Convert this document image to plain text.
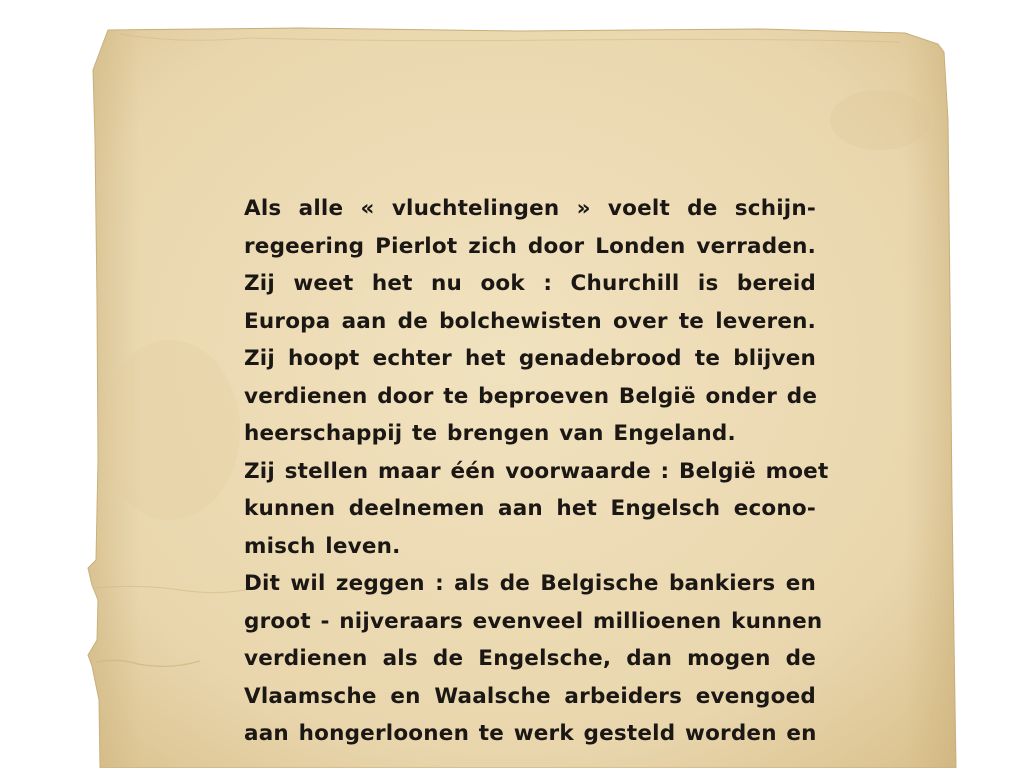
Als alle « vluchtelingen » voelt de schijn-
regeering Pierlot zich door Londen verraden.
Zij weet het nu ook : Churchill is bereid
Europa aan de bolchewisten over te leveren.
Zij hoopt echter het genadebrood te blijven
verdienen door te beproeven België onder de
heerschappij te brengen van Engeland.
Zij stellen maar één voorwaarde : België moet
kunnen deelnemen aan het Engelsch econo-
misch leven.
Dit wil zeggen : als de Belgische bankiers en
groot - nijveraars evenveel millioenen kunnen
verdienen als de Engelsche, dan mogen de
Vlaamsche en Waalsche arbeiders evengoed
aan hongerloonen te werk gesteld worden en
